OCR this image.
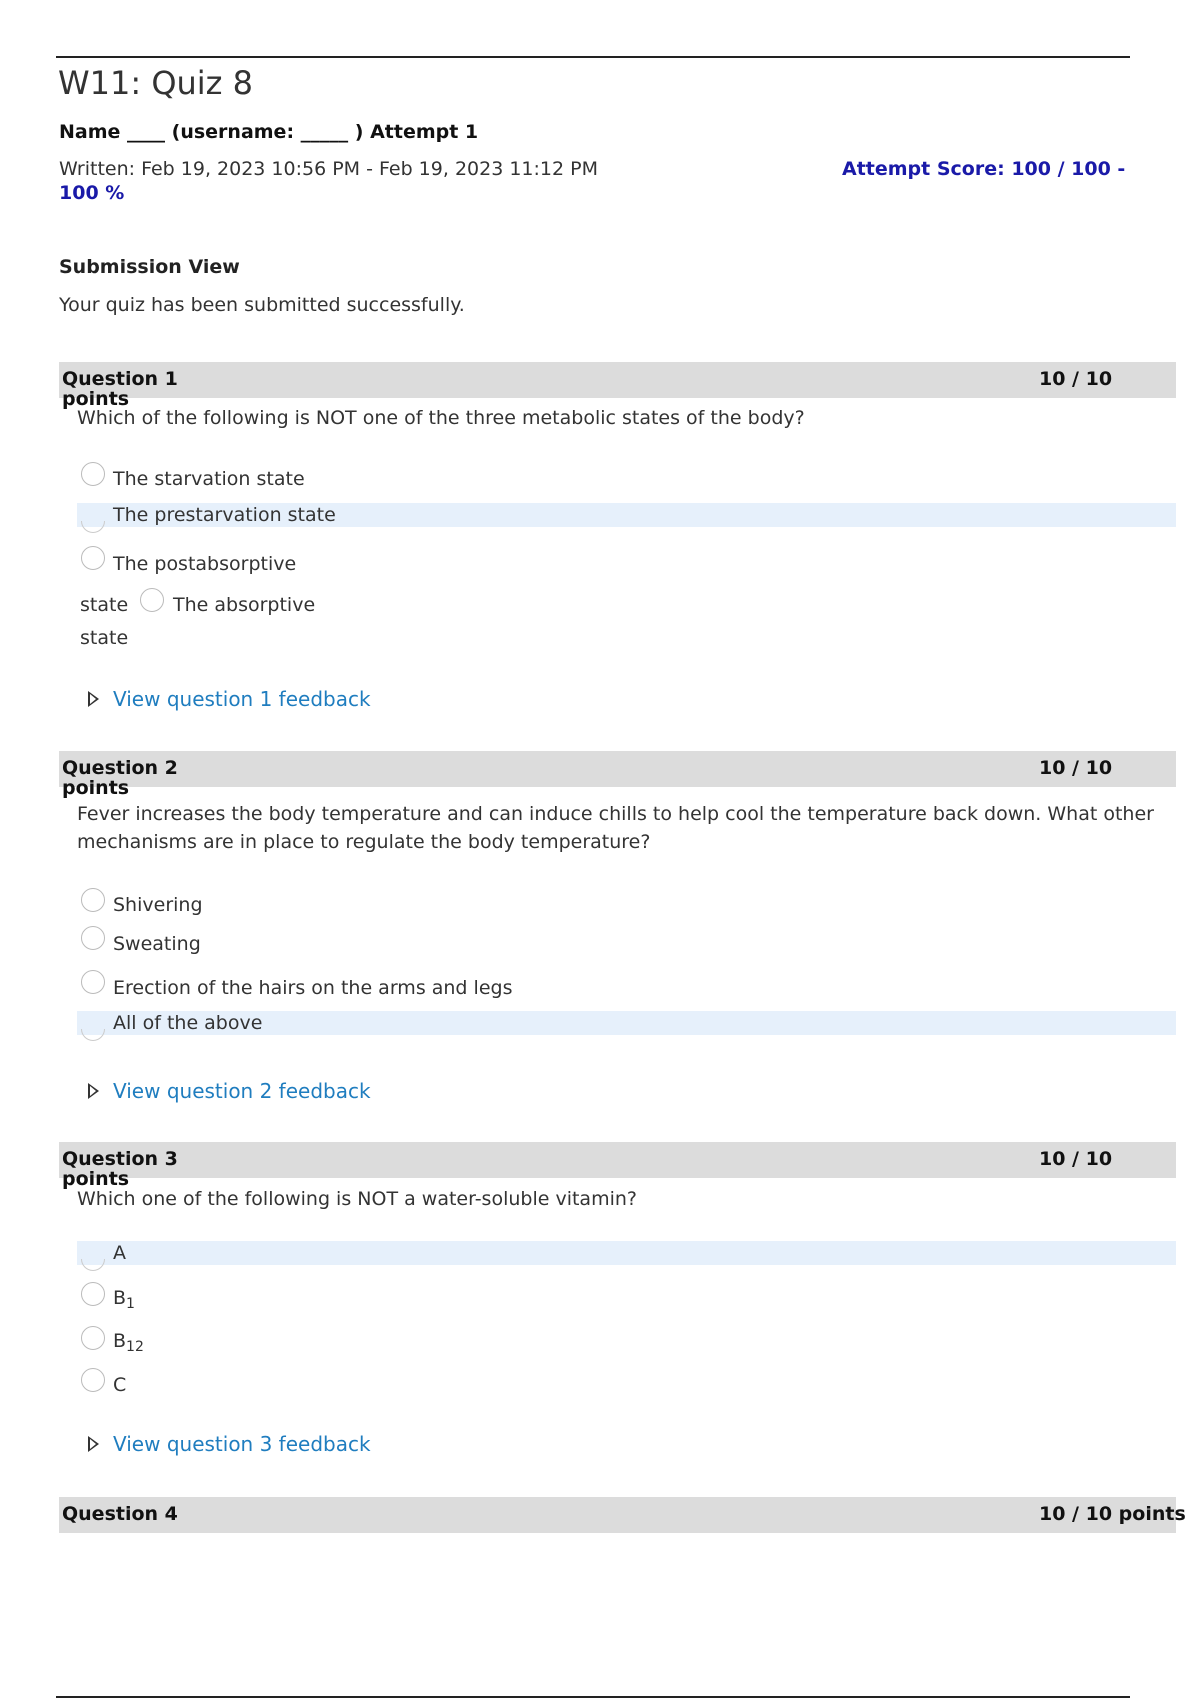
W11: Quiz 8
Name ____ (username: _____ ) Attempt 1
Written: Feb 19, 2023 10:56 PM - Feb 19, 2023 11:12 PM	Attempt Score: 100 / 100 -
100 %
Submission View
Your quiz has been submitted successfully.
Question 1
points
10 / 10
Which of the following is NOT one of the three metabolic states of the body?
The starvation state
The prestarvation state
The postabsorptive
state The absorptive
state
View question 1 feedback
Question 2
points
10 / 10
Fever increases the body temperature and can induce chills to help cool the temperature back down. What other mechanisms are in place to regulate the body temperature?
Shivering
Sweating
Erection of the hairs on the arms and legs
All of the above
View question 2 feedback
Question 3
points
10 / 10
Which one of the following is NOT a water-soluble vitamin?
A
$B_1$
$B_{12}$
C
View question 3 feedback
Question 4	10 / 10 points
